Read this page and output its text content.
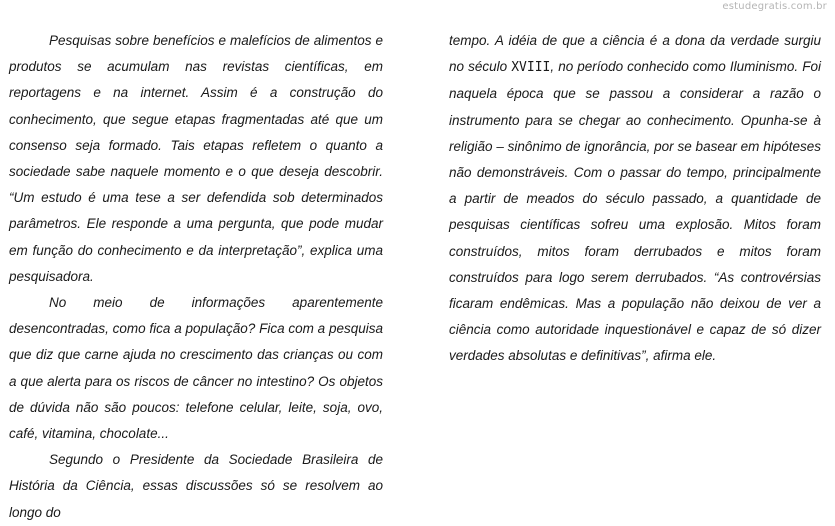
estudegratis.com.br

Pesquisas sobre benefícios e malefícios de alimentos e produtos se acumulam nas revistas científicas, em reportagens e na internet. Assim é a construção do conhecimento, que segue etapas fragmentadas até que um consenso seja formado. Tais etapas refletem o quanto a sociedade sabe naquele momento e o que deseja descobrir. “Um estudo é uma tese a ser defendida sob determinados parâmetros. Ele responde a uma pergunta, que pode mudar em função do conhecimento e da interpretação”, explica uma pesquisadora.

No meio de informações aparentemente desencontradas, como fica a população? Fica com a pesquisa que diz que carne ajuda no crescimento das crianças ou com a que alerta para os riscos de câncer no intestino? Os objetos de dúvida não são poucos: telefone celular, leite, soja, ovo, café, vitamina, chocolate...

Segundo o Presidente da Sociedade Brasileira de História da Ciência, essas discussões só se resolvem ao longo do

tempo. A idéia de que a ciência é a dona da verdade surgiu no século XVIII, no período conhecido como Iluminismo. Foi naquela época que se passou a considerar a razão o instrumento para se chegar ao conhecimento. Opunha-se à religião – sinônimo de ignorância, por se basear em hipóteses não demonstráveis. Com o passar do tempo, principalmente a partir de meados do século passado, a quantidade de pesquisas científicas sofreu uma explosão. Mitos foram construídos, mitos foram derrubados e mitos foram construídos para logo serem derrubados. “As controvérsias ficaram endêmicas. Mas a população não deixou de ver a ciência como autoridade inquestionável e capaz de só dizer verdades absolutas e definitivas”, afirma ele.
